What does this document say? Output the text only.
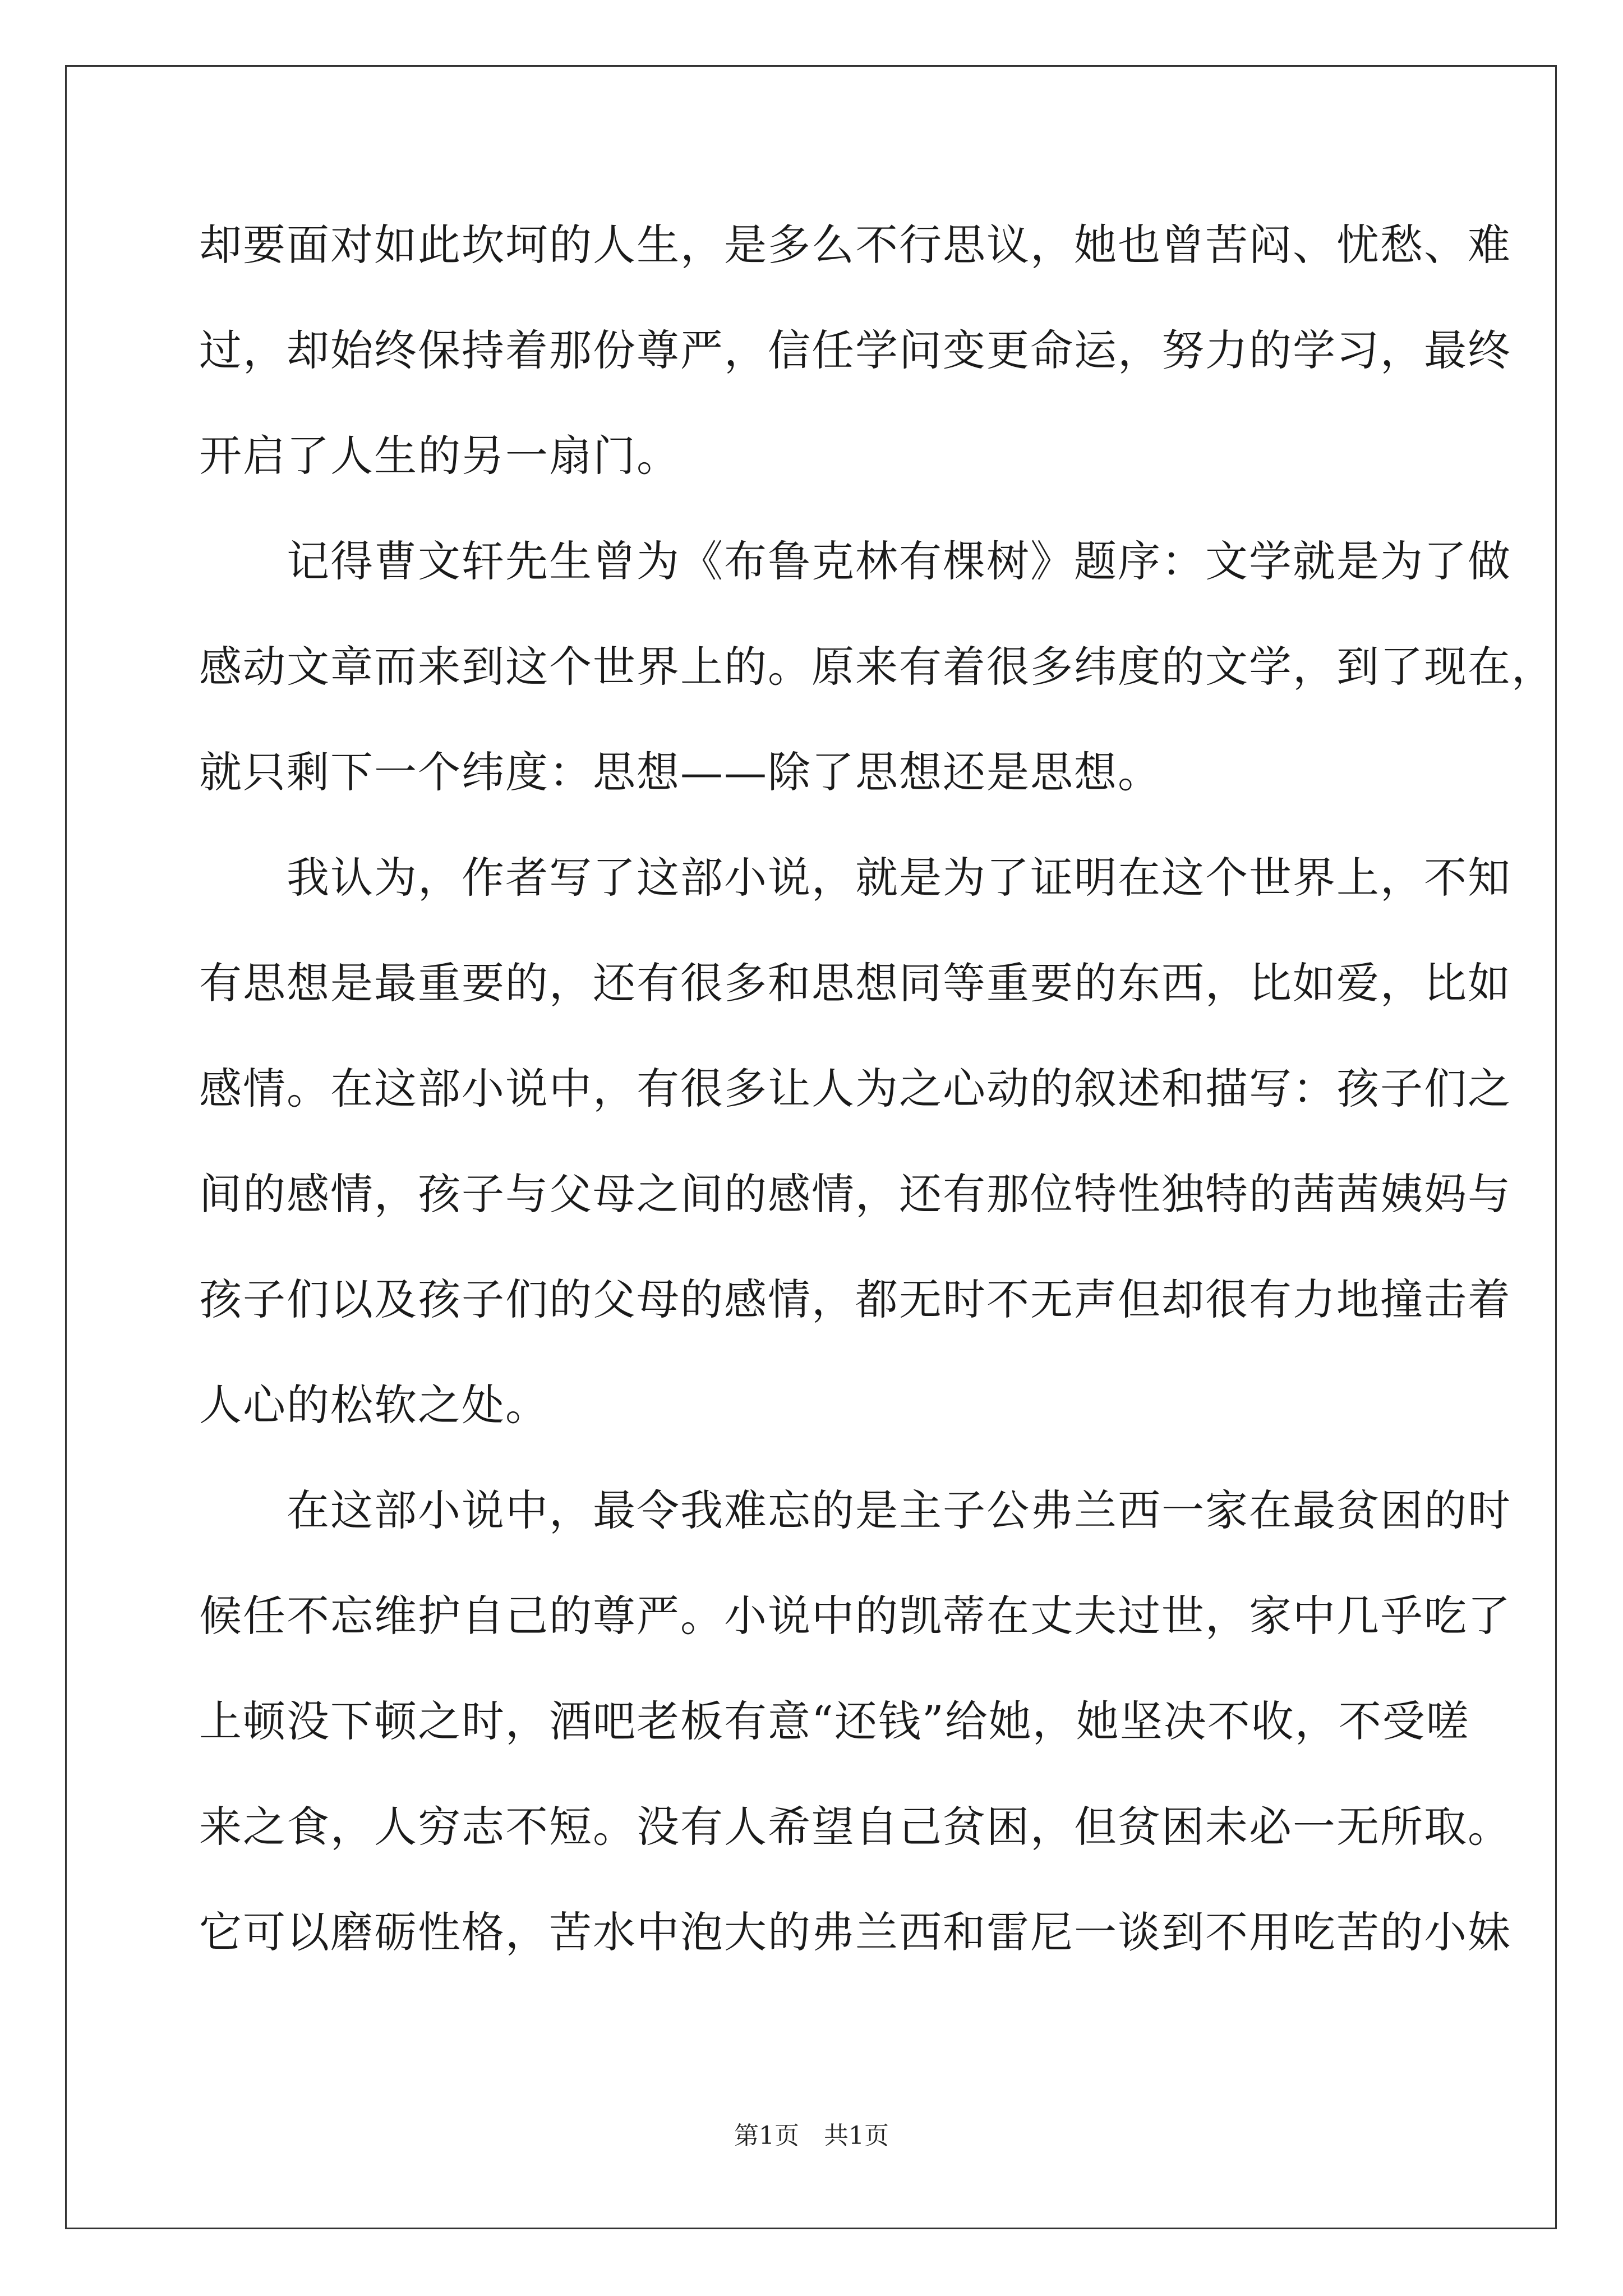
却要面对如此坎坷的人生，是多么不行思议，她也曾苦闷、忧愁、难
过，却始终保持着那份尊严，信任学问变更命运，努力的学习，最终
开启了人生的另一扇门。
　　记得曹文轩先生曾为《布鲁克林有棵树》题序：文学就是为了做
感动文章而来到这个世界上的。原来有着很多纬度的文学，到了现在，
就只剩下一个纬度：思想——除了思想还是思想。
　　我认为，作者写了这部小说，就是为了证明在这个世界上，不知
有思想是最重要的，还有很多和思想同等重要的东西，比如爱，比如
感情。在这部小说中，有很多让人为之心动的叙述和描写：孩子们之
间的感情，孩子与父母之间的感情，还有那位特性独特的茜茜姨妈与
孩子们以及孩子们的父母的感情，都无时不无声但却很有力地撞击着
人心的松软之处。
　　在这部小说中，最令我难忘的是主子公弗兰西一家在最贫困的时
候任不忘维护自己的尊严。小说中的凯蒂在丈夫过世，家中几乎吃了
上顿没下顿之时，酒吧老板有意“还钱”给她，她坚决不收，不受嗟
来之食，人穷志不短。没有人希望自己贫困，但贫困未必一无所取。
它可以磨砺性格，苦水中泡大的弗兰西和雷尼一谈到不用吃苦的小妹
第1页　共1页
